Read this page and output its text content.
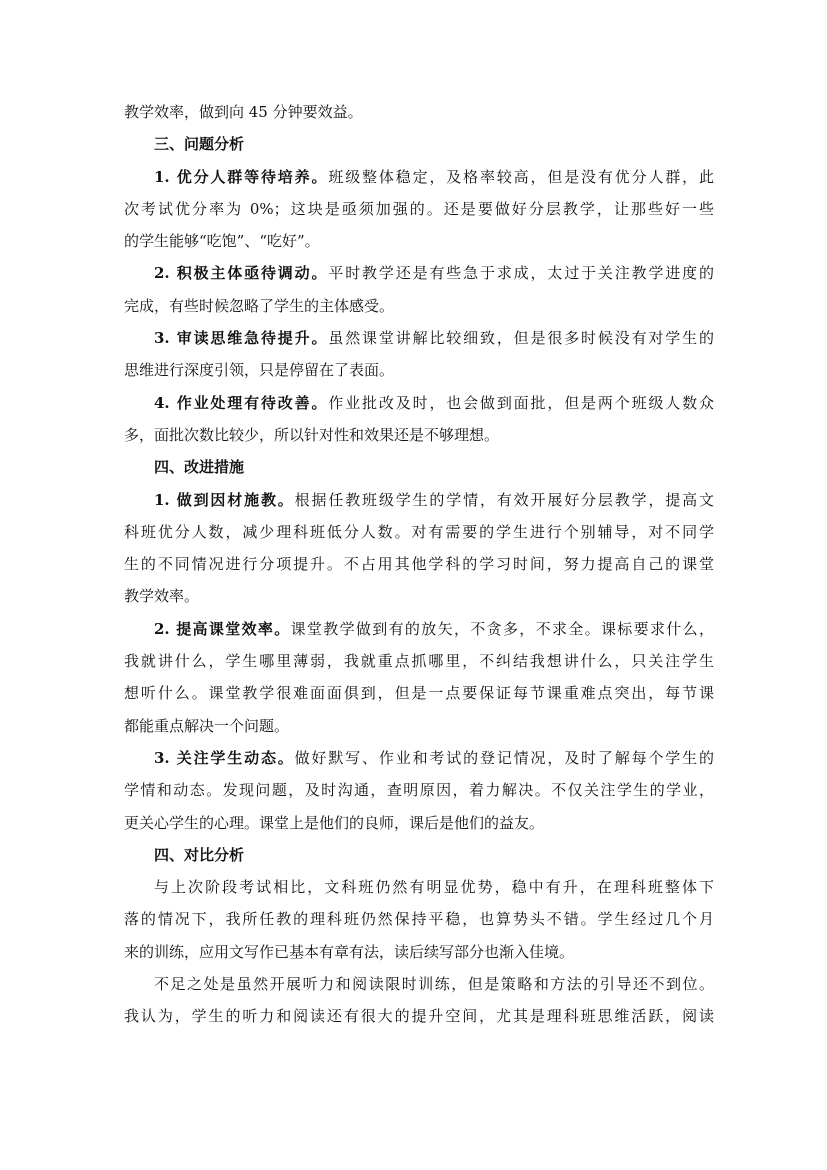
教学效率，做到向 45 分钟要效益。
三、问题分析
1. 优分人群等待培养。班级整体稳定，及格率较高，但是没有优分人群，此
次考试优分率为 0%；这块是亟须加强的。还是要做好分层教学，让那些好一些
的学生能够“吃饱”、“吃好”。
2. 积极主体亟待调动。平时教学还是有些急于求成，太过于关注教学进度的
完成，有些时候忽略了学生的主体感受。
3. 审读思维急待提升。虽然课堂讲解比较细致，但是很多时候没有对学生的
思维进行深度引领，只是停留在了表面。
4. 作业处理有待改善。作业批改及时，也会做到面批，但是两个班级人数众
多，面批次数比较少，所以针对性和效果还是不够理想。
四、改进措施
1. 做到因材施教。根据任教班级学生的学情，有效开展好分层教学，提高文
科班优分人数，减少理科班低分人数。对有需要的学生进行个别辅导，对不同学
生的不同情况进行分项提升。不占用其他学科的学习时间，努力提高自己的课堂
教学效率。
2. 提高课堂效率。课堂教学做到有的放矢，不贪多，不求全。课标要求什么，
我就讲什么，学生哪里薄弱，我就重点抓哪里，不纠结我想讲什么，只关注学生
想听什么。课堂教学很难面面俱到，但是一点要保证每节课重难点突出，每节课
都能重点解决一个问题。
3. 关注学生动态。做好默写、作业和考试的登记情况，及时了解每个学生的
学情和动态。发现问题，及时沟通，查明原因，着力解决。不仅关注学生的学业，
更关心学生的心理。课堂上是他们的良师，课后是他们的益友。
四、对比分析
与上次阶段考试相比，文科班仍然有明显优势，稳中有升，在理科班整体下
落的情况下，我所任教的理科班仍然保持平稳，也算势头不错。学生经过几个月
来的训练，应用文写作已基本有章有法，读后续写部分也渐入佳境。
不足之处是虽然开展听力和阅读限时训练，但是策略和方法的引导还不到位。
我认为，学生的听力和阅读还有很大的提升空间，尤其是理科班思维活跃，阅读
